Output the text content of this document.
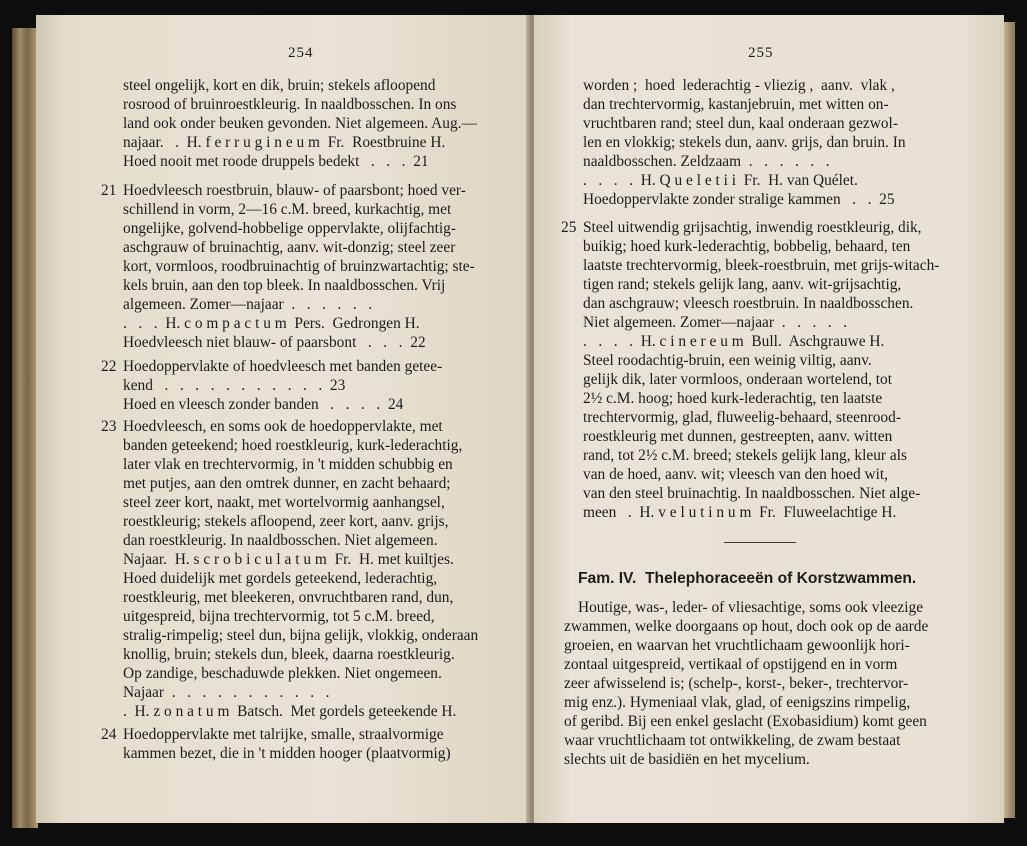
254
steel ongelijk, kort en dik, bruin; stekels afloopend
rosrood of bruinroestkleurig. In naaldbosschen. In ons
land ook onder beuken gevonden. Niet algemeen. Aug.—
najaar.   .  H. f e r r u g i n e u m  Fr.  Roestbruine H.
Hoed nooit met roode druppels bedekt   .   .   .  21
21 Hoedvleesch roestbruin, blauw- of paarsbont; hoed ver-
schillend in vorm, 2—16 c.M. breed, kurkachtig, met
ongelijke, golvend-hobbelige oppervlakte, olijfachtig-
aschgrauw of bruinachtig, aanv. wit-donzig; steel zeer
kort, vormloos, roodbruinachtig of bruinzwartachtig; ste-
kels bruin, aan den top bleek. In naaldbosschen. Vrij
algemeen. Zomer—najaar  .   .   .   .   .   .
.   .   .  H. c o m p a c t u m  Pers.  Gedrongen H.
Hoedvleesch niet blauw- of paarsbont   .   .   .  22
22 Hoedoppervlakte of hoedvleesch met banden getee-
kend   .   .   .   .   .   .   .   .   .   .   .  23
Hoed en vleesch zonder banden   .   .   .   .  24
23 Hoedvleesch, en soms ook de hoedoppervlakte, met
banden geteekend; hoed roestkleurig, kurk-lederachtig,
later vlak en trechtervormig, in 't midden schubbig en
met putjes, aan den omtrek dunner, en zacht behaard;
steel zeer kort, naakt, met wortelvormig aanhangsel,
roestkleurig; stekels afloopend, zeer kort, aanv. grijs,
dan roestkleurig. In naaldbosschen. Niet algemeen.
Najaar.  H. s c r o b i c u l a t u m  Fr.  H. met kuiltjes.
Hoed duidelijk met gordels geteekend, lederachtig,
roestkleurig, met bleekeren, onvruchtbaren rand, dun,
uitgespreid, bijna trechtervormig, tot 5 c.M. breed,
stralig-rimpelig; steel dun, bijna gelijk, vlokkig, onderaan
knollig, bruin; stekels dun, bleek, daarna roestkleurig.
Op zandige, beschaduwde plekken. Niet ongemeen.
Najaar  .   .   .   .   .   .   .   .   .   .   .
.  H. z o n a t u m  Batsch.  Met gordels geteekende H.
24 Hoedoppervlakte met talrijke, smalle, straalvormige
kammen bezet, die in 't midden hooger (plaatvormig)
255
worden ;  hoed  lederachtig - vliezig ,  aanv.  vlak ,
dan trechtervormig, kastanjebruin, met witten on-
vruchtbaren rand; steel dun, kaal onderaan gezwol-
len en vlokkig; stekels dun, aanv. grijs, dan bruin. In
naaldbosschen. Zeldzaam  .   .   .   .   .   .
.   .   .   .  H. Q u e l e t i i  Fr.  H. van Quélet.
Hoedoppervlakte zonder stralige kammen   .   .  25
25 Steel uitwendig grijsachtig, inwendig roestkleurig, dik,
buikig; hoed kurk-lederachtig, bobbelig, behaard, ten
laatste trechtervormig, bleek-roestbruin, met grijs-witach-
tigen rand; stekels gelijk lang, aanv. wit-grijsachtig,
dan aschgrauw; vleesch roestbruin. In naaldbosschen.
Niet algemeen. Zomer—najaar  .   .   .   .   .
.   .   .   .  H. c i n e r e u m  Bull.  Aschgrauwe H.
Steel roodachtig-bruin, een weinig viltig, aanv.
gelijk dik, later vormloos, onderaan wortelend, tot
2½ c.M. hoog; hoed kurk-lederachtig, ten laatste
trechtervormig, glad, fluweelig-behaard, steenrood-
roestkleurig met dunnen, gestreepten, aanv. witten
rand, tot 2½ c.M. breed; stekels gelijk lang, kleur als
van de hoed, aanv. wit; vleesch van den hoed wit,
van den steel bruinachtig. In naaldbosschen. Niet alge-
meen   .  H. v e l u t i n u m  Fr.  Fluweelachtige H.
Fam. IV.  Thelephoraceeën of Korstzwammen.
Houtige, was-, leder- of vliesachtige, soms ook vleezige
zwammen, welke doorgaans op hout, doch ook op de aarde
groeien, en waarvan het vruchtlichaam gewoonlijk hori-
zontaal uitgespreid, vertikaal of opstijgend en in vorm
zeer afwisselend is; (schelp-, korst-, beker-, trechtervor-
mig enz.). Hymeniaal vlak, glad, of eenigszins rimpelig,
of geribd. Bij een enkel geslacht (Exobasidium) komt geen
waar vruchtlichaam tot ontwikkeling, de zwam bestaat
slechts uit de basidiën en het mycelium.
